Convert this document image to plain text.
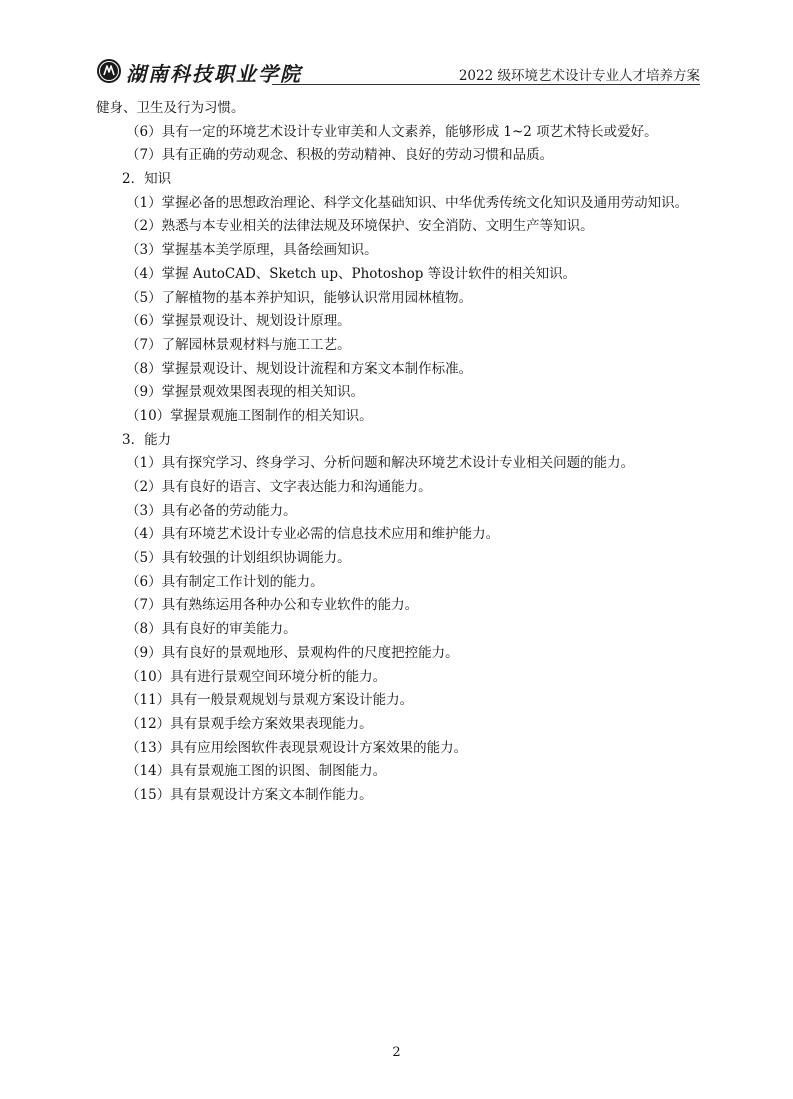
湖南科技职业学院	2022 级环境艺术设计专业人才培养方案
健身、卫生及行为习惯。
（6）具有一定的环境艺术设计专业审美和人文素养，能够形成 1~2 项艺术特长或爱好。
（7）具有正确的劳动观念、积极的劳动精神、良好的劳动习惯和品质。
2．知识
（1）掌握必备的思想政治理论、科学文化基础知识、中华优秀传统文化知识及通用劳动知识。
（2）熟悉与本专业相关的法律法规及环境保护、安全消防、文明生产等知识。
（3）掌握基本美学原理，具备绘画知识。
（4）掌握 AutoCAD、Sketch up、Photoshop 等设计软件的相关知识。
（5）了解植物的基本养护知识，能够认识常用园林植物。
（6）掌握景观设计、规划设计原理。
（7）了解园林景观材料与施工工艺。
（8）掌握景观设计、规划设计流程和方案文本制作标准。
（9）掌握景观效果图表现的相关知识。
（10）掌握景观施工图制作的相关知识。
3．能力
（1）具有探究学习、终身学习、分析问题和解决环境艺术设计专业相关问题的能力。
（2）具有良好的语言、文字表达能力和沟通能力。
（3）具有必备的劳动能力。
（4）具有环境艺术设计专业必需的信息技术应用和维护能力。
（5）具有较强的计划组织协调能力。
（6）具有制定工作计划的能力。
（7）具有熟练运用各种办公和专业软件的能力。
（8）具有良好的审美能力。
（9）具有良好的景观地形、景观构件的尺度把控能力。
（10）具有进行景观空间环境分析的能力。
（11）具有一般景观规划与景观方案设计能力。
（12）具有景观手绘方案效果表现能力。
（13）具有应用绘图软件表现景观设计方案效果的能力。
（14）具有景观施工图的识图、制图能力。
（15）具有景观设计方案文本制作能力。
2
